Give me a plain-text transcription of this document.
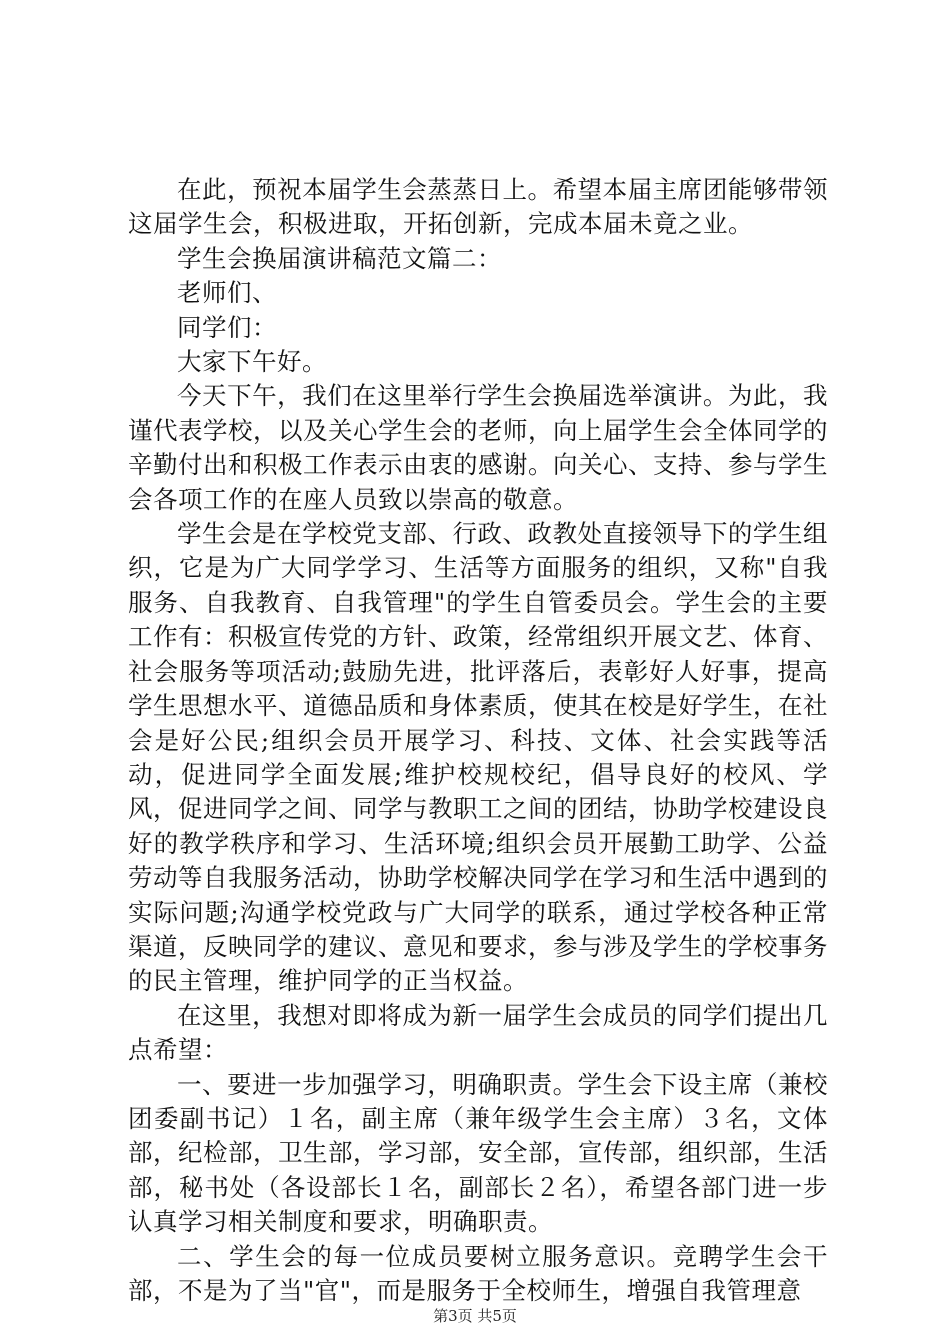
在此，预祝本届学生会蒸蒸日上。希望本届主席团能够带领这届学生会，积极进取，开拓创新，完成本届未竟之业。

学生会换届演讲稿范文篇二：

老师们、

同学们：

大家下午好。

今天下午，我们在这里举行学生会换届选举演讲。为此，我谨代表学校，以及关心学生会的老师，向上届学生会全体同学的辛勤付出和积极工作表示由衷的感谢。向关心、支持、参与学生会各项工作的在座人员致以崇高的敬意。

学生会是在学校党支部、行政、政教处直接领导下的学生组织，它是为广大同学学习、生活等方面服务的组织，又称"自我服务、自我教育、自我管理"的学生自管委员会。学生会的主要工作有：积极宣传党的方针、政策，经常组织开展文艺、体育、社会服务等项活动;鼓励先进，批评落后，表彰好人好事，提高学生思想水平、道德品质和身体素质，使其在校是好学生，在社会是好公民;组织会员开展学习、科技、文体、社会实践等活动，促进同学全面发展;维护校规校纪，倡导良好的校风、学风，促进同学之间、同学与教职工之间的团结，协助学校建设良好的教学秩序和学习、生活环境;组织会员开展勤工助学、公益劳动等自我服务活动，协助学校解决同学在学习和生活中遇到的实际问题;沟通学校党政与广大同学的联系，通过学校各种正常渠道，反映同学的建议、意见和要求，参与涉及学生的学校事务的民主管理，维护同学的正当权益。

在这里，我想对即将成为新一届学生会成员的同学们提出几点希望：

一、要进一步加强学习，明确职责。学生会下设主席（兼校团委副书记）１名，副主席（兼年级学生会主席）３名，文体部，纪检部，卫生部，学习部，安全部，宣传部，组织部，生活部，秘书处（各设部长１名，副部长２名），希望各部门进一步认真学习相关制度和要求，明确职责。

二、学生会的每一位成员要树立服务意识。竞聘学生会干部，不是为了当"官"，而是服务于全校师生，增强自我管理意

第3页 共5页
